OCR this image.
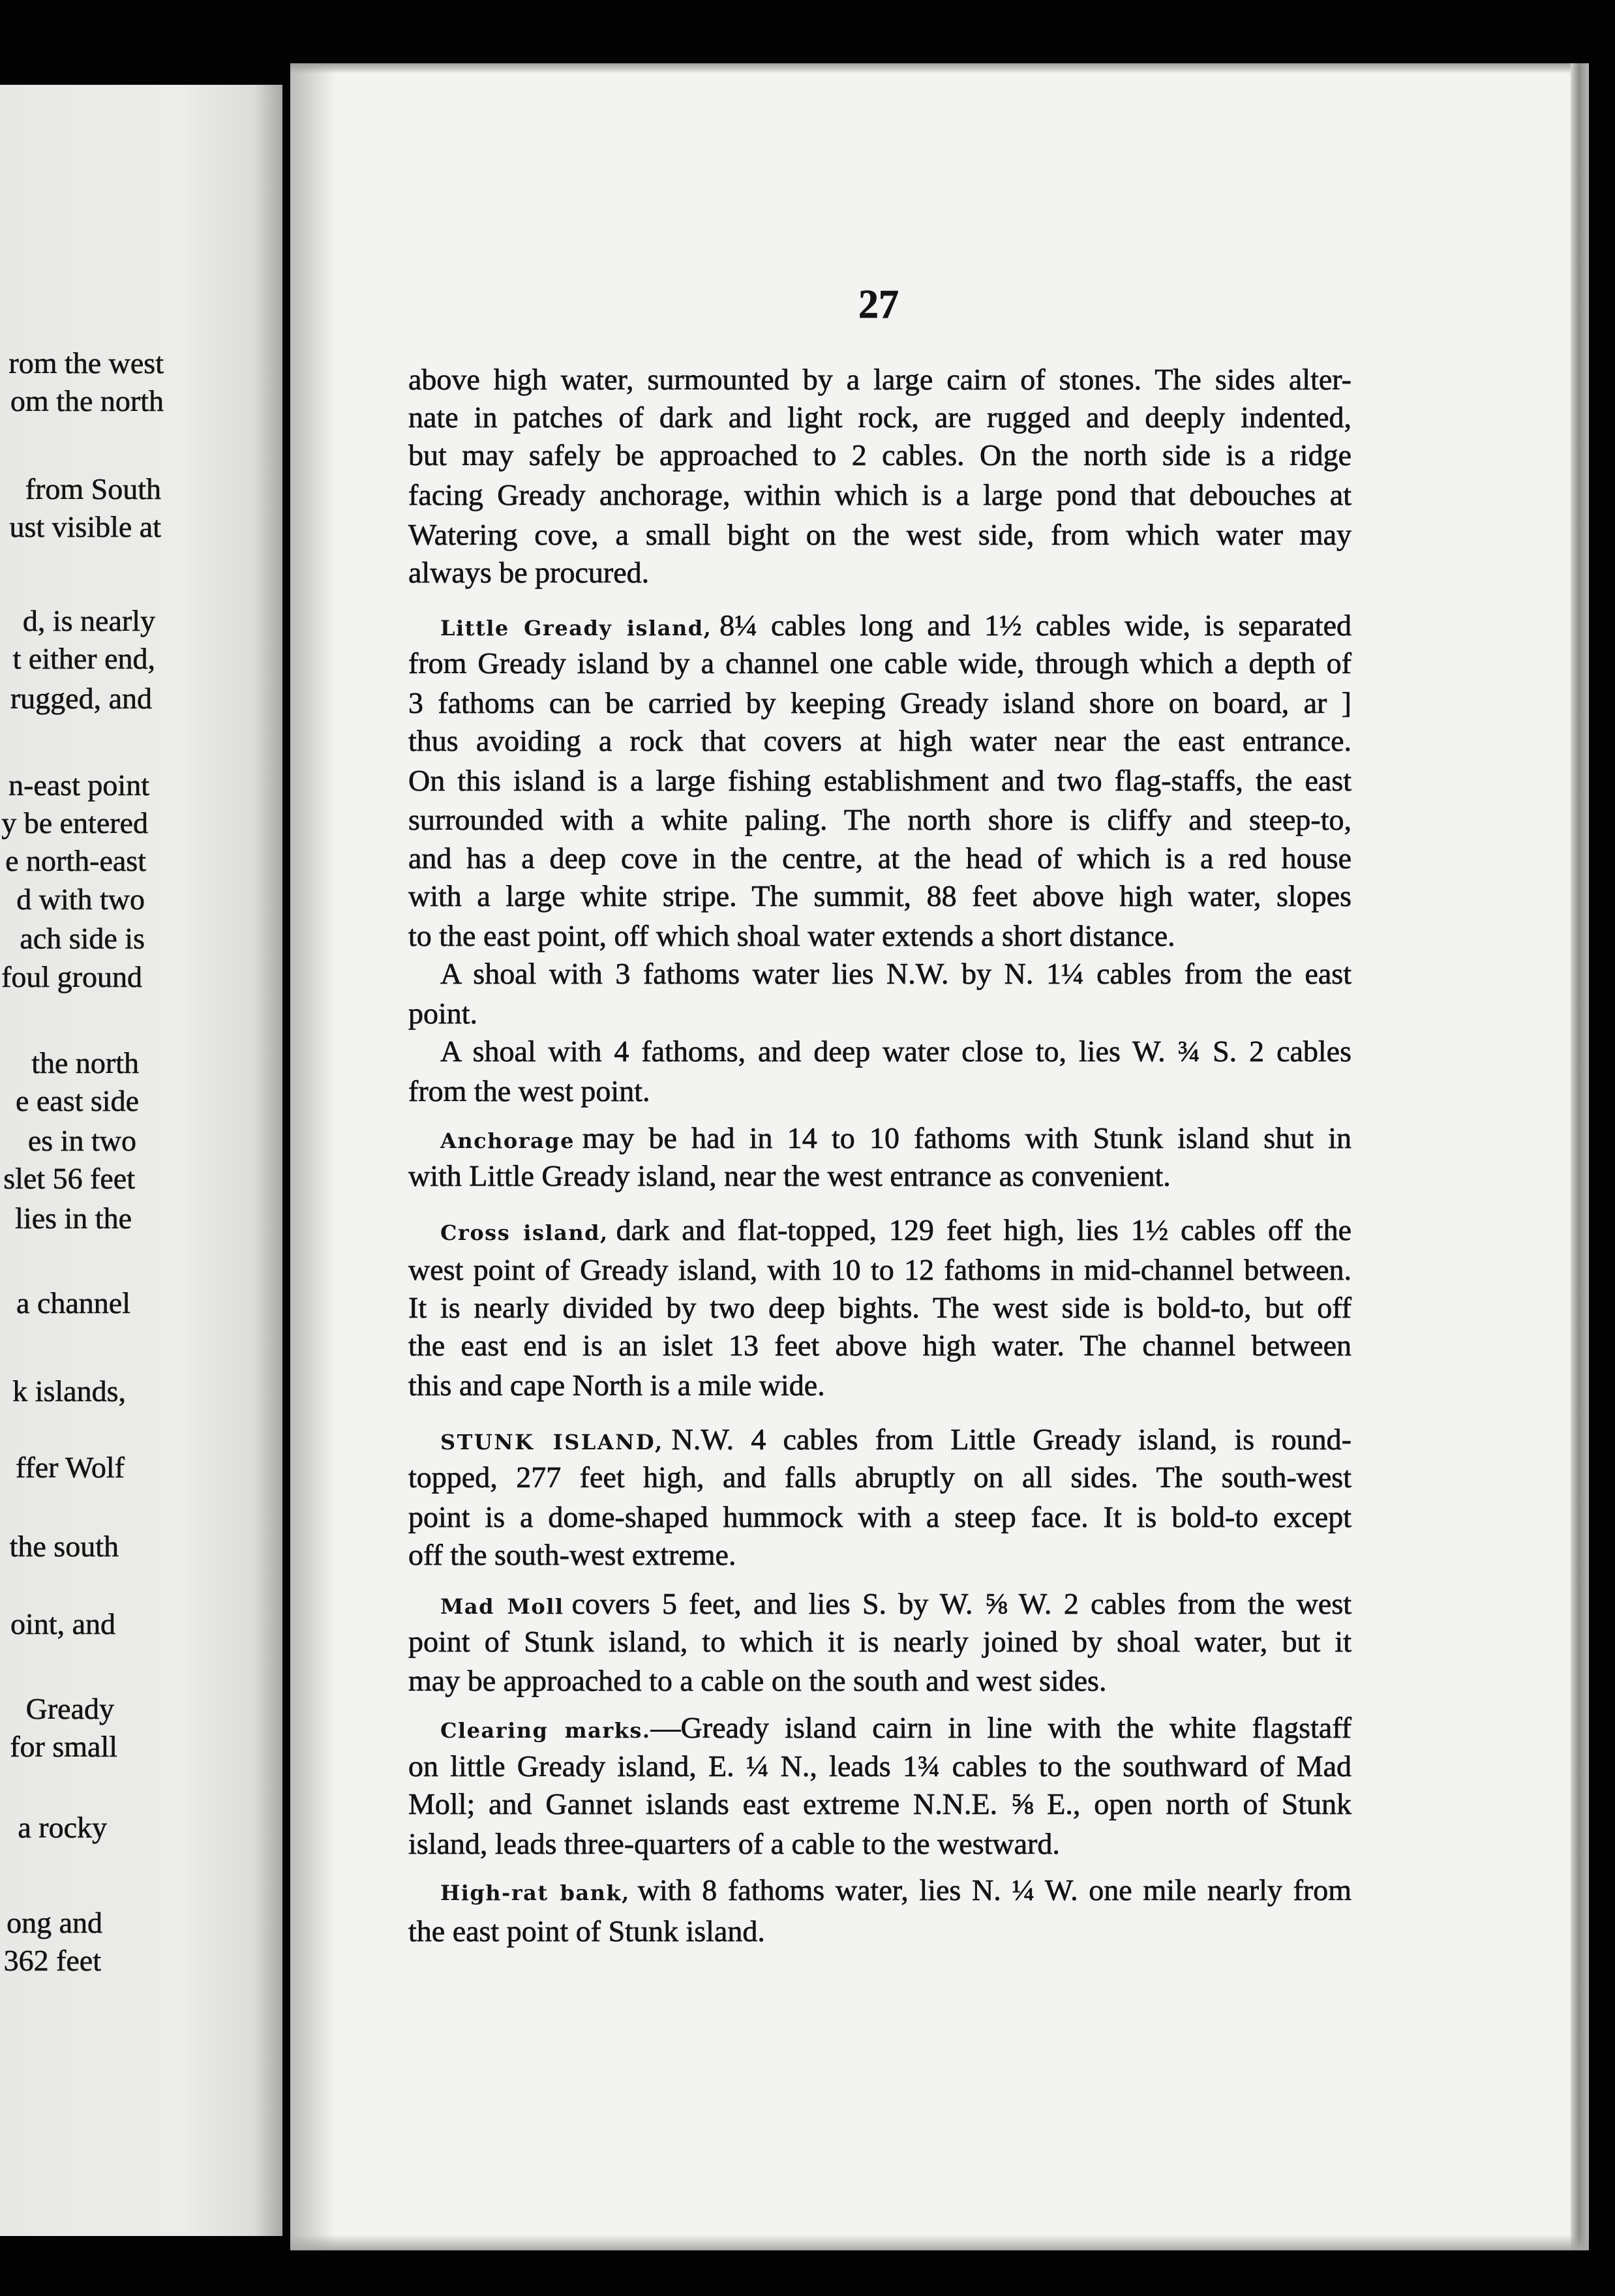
rom the west
om the north
from South
ust visible at
d, is nearly
t either end,
rugged, and
n-east point
y be entered
e north-east
d with two
ach side is
foul ground
the north
e east side
es in two
slet 56 feet
lies in the
a channel
k islands,
ffer Wolf
the south
oint, and
Gready
for small
a rocky
ong and
362 feet
27
above high water, surmounted by a large cairn of stones. The sides alter-
nate in patches of dark and light rock, are rugged and deeply indented,
but may safely be approached to 2 cables. On the north side is a ridge
facing Gready anchorage, within which is a large pond that debouches at
Watering cove, a small bight on the west side, from which water may
always be procured.
Little Gready island, 8¼ cables long and 1½ cables wide, is separated
from Gready island by a channel one cable wide, through which a depth of
3 fathoms can be carried by keeping Gready island shore on board, ar ]
thus avoiding a rock that covers at high water near the east entrance.
On this island is a large fishing establishment and two flag-staffs, the east
surrounded with a white paling. The north shore is cliffy and steep-to,
and has a deep cove in the centre, at the head of which is a red house
with a large white stripe. The summit, 88 feet above high water, slopes
to the east point, off which shoal water extends a short distance.
A shoal with 3 fathoms water lies N.W. by N. 1¼ cables from the east
point.
A shoal with 4 fathoms, and deep water close to, lies W. ¾ S. 2 cables
from the west point.
Anchorage may be had in 14 to 10 fathoms with Stunk island shut in
with Little Gready island, near the west entrance as convenient.
Cross island, dark and flat-topped, 129 feet high, lies 1½ cables off the
west point of Gready island, with 10 to 12 fathoms in mid-channel between.
It is nearly divided by two deep bights. The west side is bold-to, but off
the east end is an islet 13 feet above high water. The channel between
this and cape North is a mile wide.
STUNK ISLAND, N.W. 4 cables from Little Gready island, is round-
topped, 277 feet high, and falls abruptly on all sides. The south-west
point is a dome-shaped hummock with a steep face. It is bold-to except
off the south-west extreme.
Mad Moll covers 5 feet, and lies S. by W. ⅝ W. 2 cables from the west
point of Stunk island, to which it is nearly joined by shoal water, but it
may be approached to a cable on the south and west sides.
Clearing marks.—Gready island cairn in line with the white flagstaff
on little Gready island, E. ¼ N., leads 1¾ cables to the southward of Mad
Moll; and Gannet islands east extreme N.N.E. ⅝ E., open north of Stunk
island, leads three-quarters of a cable to the westward.
High-rat bank, with 8 fathoms water, lies N. ¼ W. one mile nearly from
the east point of Stunk island.
